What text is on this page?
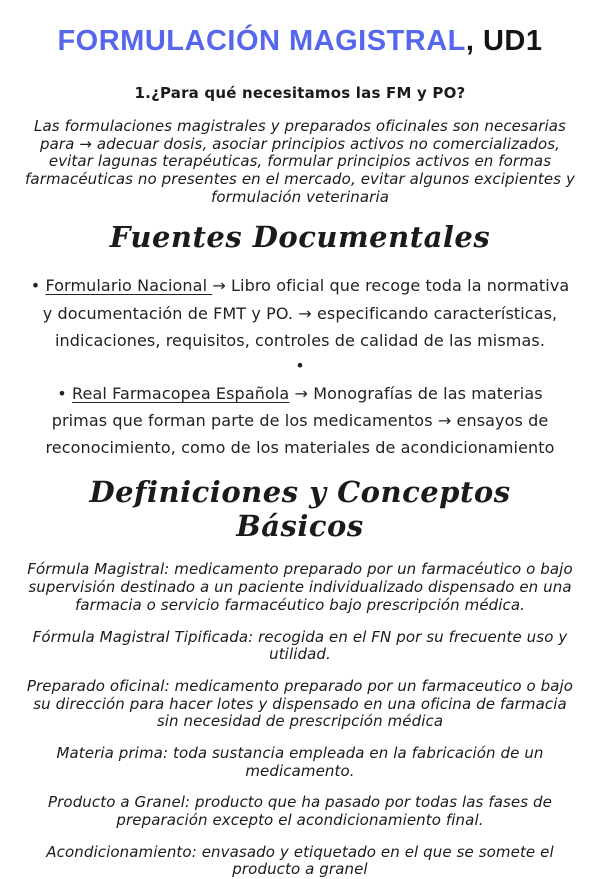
FORMULACIÓN MAGISTRAL, UD1
1.¿Para qué necesitamos las FM y PO?

Las formulaciones magistrales y preparados oficinales son necesarias para → adecuar dosis, asociar principios activos no comercializados, evitar lagunas terapéuticas, formular principios activos en formas farmacéuticas no presentes en el mercado, evitar algunos excipientes y formulación veterinaria

Fuentes Documentales

• Formulario Nacional → Libro oficial que recoge toda la normativa y documentación de FMT y PO. → especificando características, indicaciones, requisitos, controles de calidad de las mismas.

•

• Real Farmacopea Española → Monografías de las materias primas que forman parte de los medicamentos → ensayos de reconocimiento, como de los materiales de acondicionamiento

Definiciones y Conceptos Básicos

Fórmula Magistral: medicamento preparado por un farmacéutico o bajo supervisión destinado a un paciente individualizado dispensado en una farmacia o servicio farmacéutico bajo prescripción médica.

Fórmula Magistral Tipificada: recogida en el FN por su frecuente uso y utilidad.

Preparado oficinal: medicamento preparado por un farmaceutico o bajo su dirección para hacer lotes y dispensado en una oficina de farmacia sin necesidad de prescripción médica

Materia prima: toda sustancia empleada en la fabricación de un medicamento.

Producto a Granel: producto que ha pasado por todas las fases de preparación excepto el acondicionamiento final.

Acondicionamiento: envasado y etiquetado en el que se somete el producto a granel
